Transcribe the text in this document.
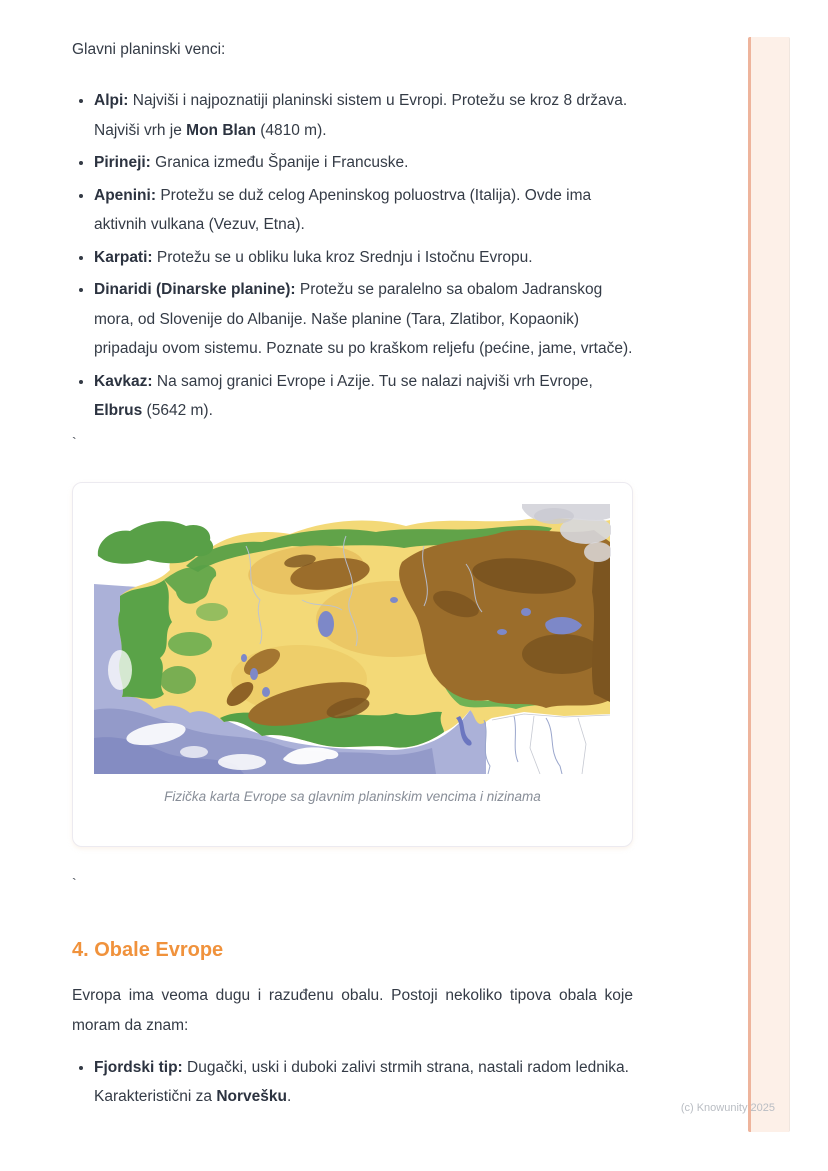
Glavni planinski venci:

• Alpi: Najviši i najpoznatiji planinski sistem u Evropi. Protežu se kroz 8 država. Najviši vrh je Mon Blan (4810 m).
• Pirineji: Granica između Španije i Francuske.
• Apenini: Protežu se duž celog Apeninskog poluostrva (Italija). Ovde ima aktivnih vulkana (Vezuv, Etna).
• Karpati: Protežu se u obliku luka kroz Srednju i Istočnu Evropu.
• Dinaridi (Dinarske planine): Protežu se paralelno sa obalom Jadranskog mora, od Slovenije do Albanije. Naše planine (Tara, Zlatibor, Kopaonik) pripadaju ovom sistemu. Poznate su po kraškom reljefu (pećine, jame, vrtače).
• Kavkaz: Na samoj granici Evrope i Azije. Tu se nalazi najviši vrh Evrope, Elbrus (5642 m).

`

Fizička karta Evrope sa glavnim planinskim vencima i nizinama

`

4. Obale Evrope

Evropa ima veoma dugu i razuđenu obalu. Postoji nekoliko tipova obala koje moram da znam:

• Fjordski tip: Dugački, uski i duboki zalivi strmih strana, nastali radom lednika. Karakteristični za Norvešku.
(c) Knowunity 2025
